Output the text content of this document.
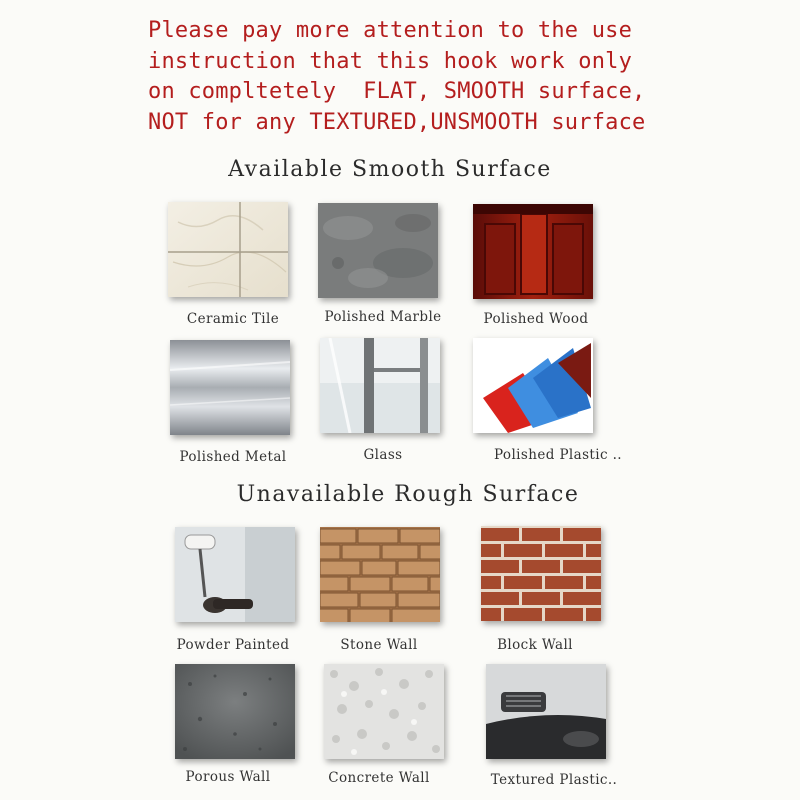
Please pay more attention to the use
instruction that this hook work only
on compltetely  FLAT, SMOOTH surface,
NOT for any TEXTURED,UNSMOOTH surface
Available Smooth Surface
Ceramic Tile	Polished Marble	Polished Wood
Polished Metal	Glass	Polished Plastic ..
Unavailable Rough Surface
Powder Painted	Stone Wall	Block Wall
Porous Wall	Concrete Wall	Textured Plastic..
